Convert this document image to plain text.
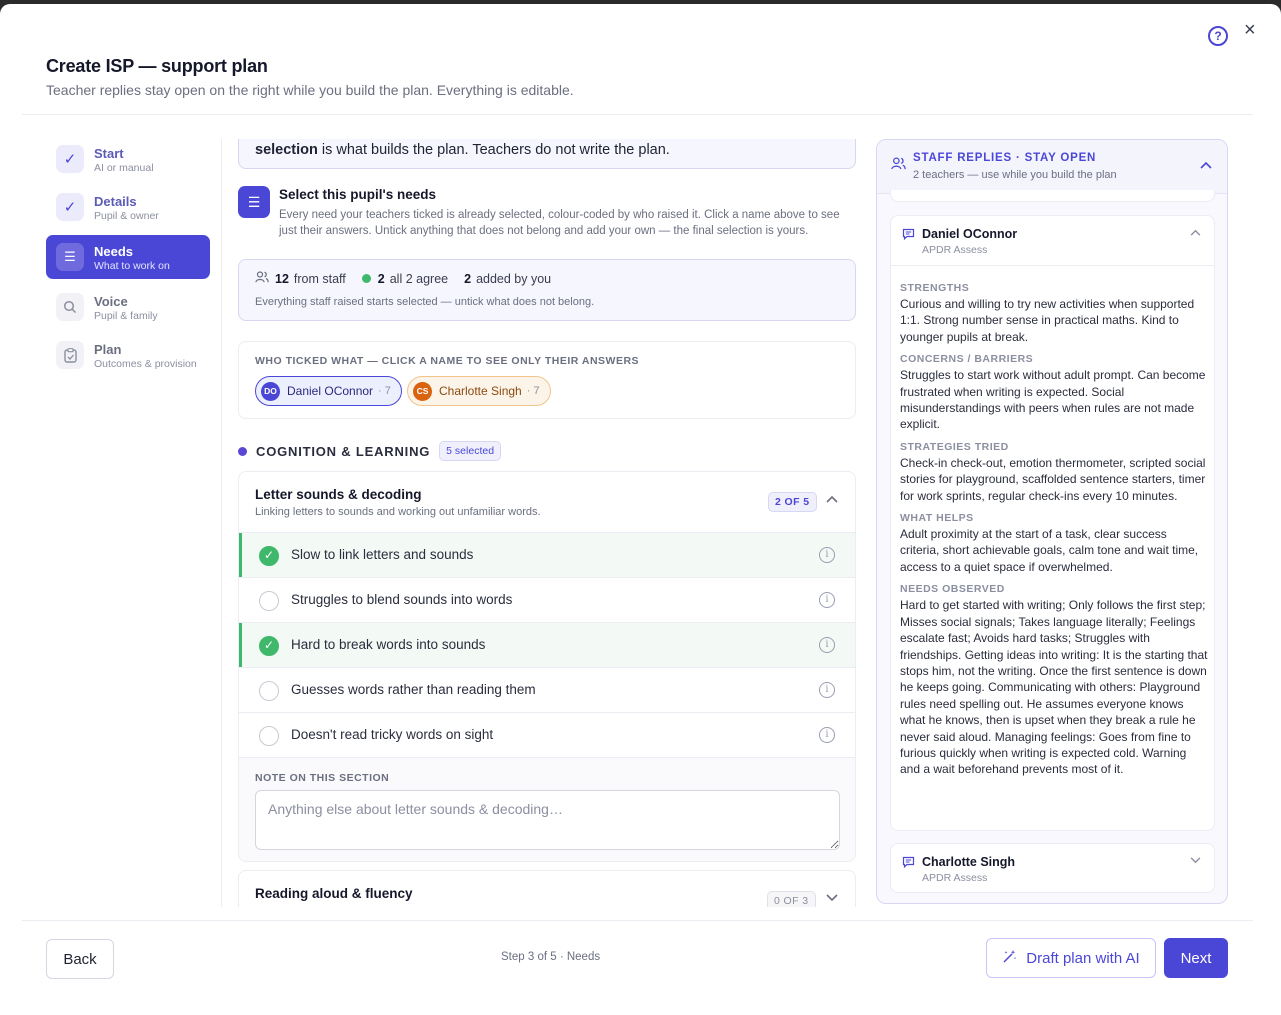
Create ISP — support plan
Teacher replies stay open on the right while you build the plan. Everything is editable.
?	×
✓	Start
AI or manual
✓	Details
Pupil & owner
☰	Needs
What to work on
Voice
Pupil & family
Plan
Outcomes & provision
selection is what builds the plan. Teachers do not write the plan.
☰	Select this pupil's needs
Every need your teachers ticked is already selected, colour-coded by who raised it. Click a name above to see just their answers. Untick anything that does not belong and add your own — the final selection is yours.
12 from staff	2 all 2 agree 2 added by you
Everything staff raised starts selected — untick what does not belong.
WHO TICKED WHAT — CLICK A NAME TO SEE ONLY THEIR ANSWERS
DO Daniel OConnor · 7	CS Charlotte Singh · 7
COGNITION & LEARNING	5 selected
Letter sounds & decoding
Linking letters to sounds and working out unfamiliar words.
2 OF 5
✓	Slow to link letters and sounds	i
Struggles to blend sounds into words	i
✓	Hard to break words into sounds	i
Guesses words rather than reading them	i
Doesn't read tricky words on sight	i
NOTE ON THIS SECTION
Anything else about letter sounds & decoding…
Reading aloud & fluency	0 OF 3
STAFF REPLIES · STAY OPEN
2 teachers — use while you build the plan
Daniel OConnor
APDR Assess
STRENGTHS
Curious and willing to try new activities when supported 1:1. Strong number sense in practical maths. Kind to younger pupils at break.
CONCERNS / BARRIERS
Struggles to start work without adult prompt. Can become frustrated when writing is expected. Social misunderstandings with peers when rules are not made explicit.
STRATEGIES TRIED
Check-in check-out, emotion thermometer, scripted social stories for playground, scaffolded sentence starters, timer for work sprints, regular check-ins every 10 minutes.
WHAT HELPS
Adult proximity at the start of a task, clear success criteria, short achievable goals, calm tone and wait time, access to a quiet space if overwhelmed.
NEEDS OBSERVED
Hard to get started with writing; Only follows the first step; Misses social signals; Takes language literally; Feelings escalate fast; Avoids hard tasks; Struggles with friendships. Getting ideas into writing: It is the starting that stops him, not the writing. Once the first sentence is down he keeps going. Communicating with others: Playground rules need spelling out. He assumes everyone knows what he knows, then is upset when they break a rule he never said aloud. Managing feelings: Goes from fine to furious quickly when writing is expected cold. Warning and a wait beforehand prevents most of it.
Charlotte Singh
APDR Assess
Back	Step 3 of 5 · Needs	Draft plan with AI	Next
